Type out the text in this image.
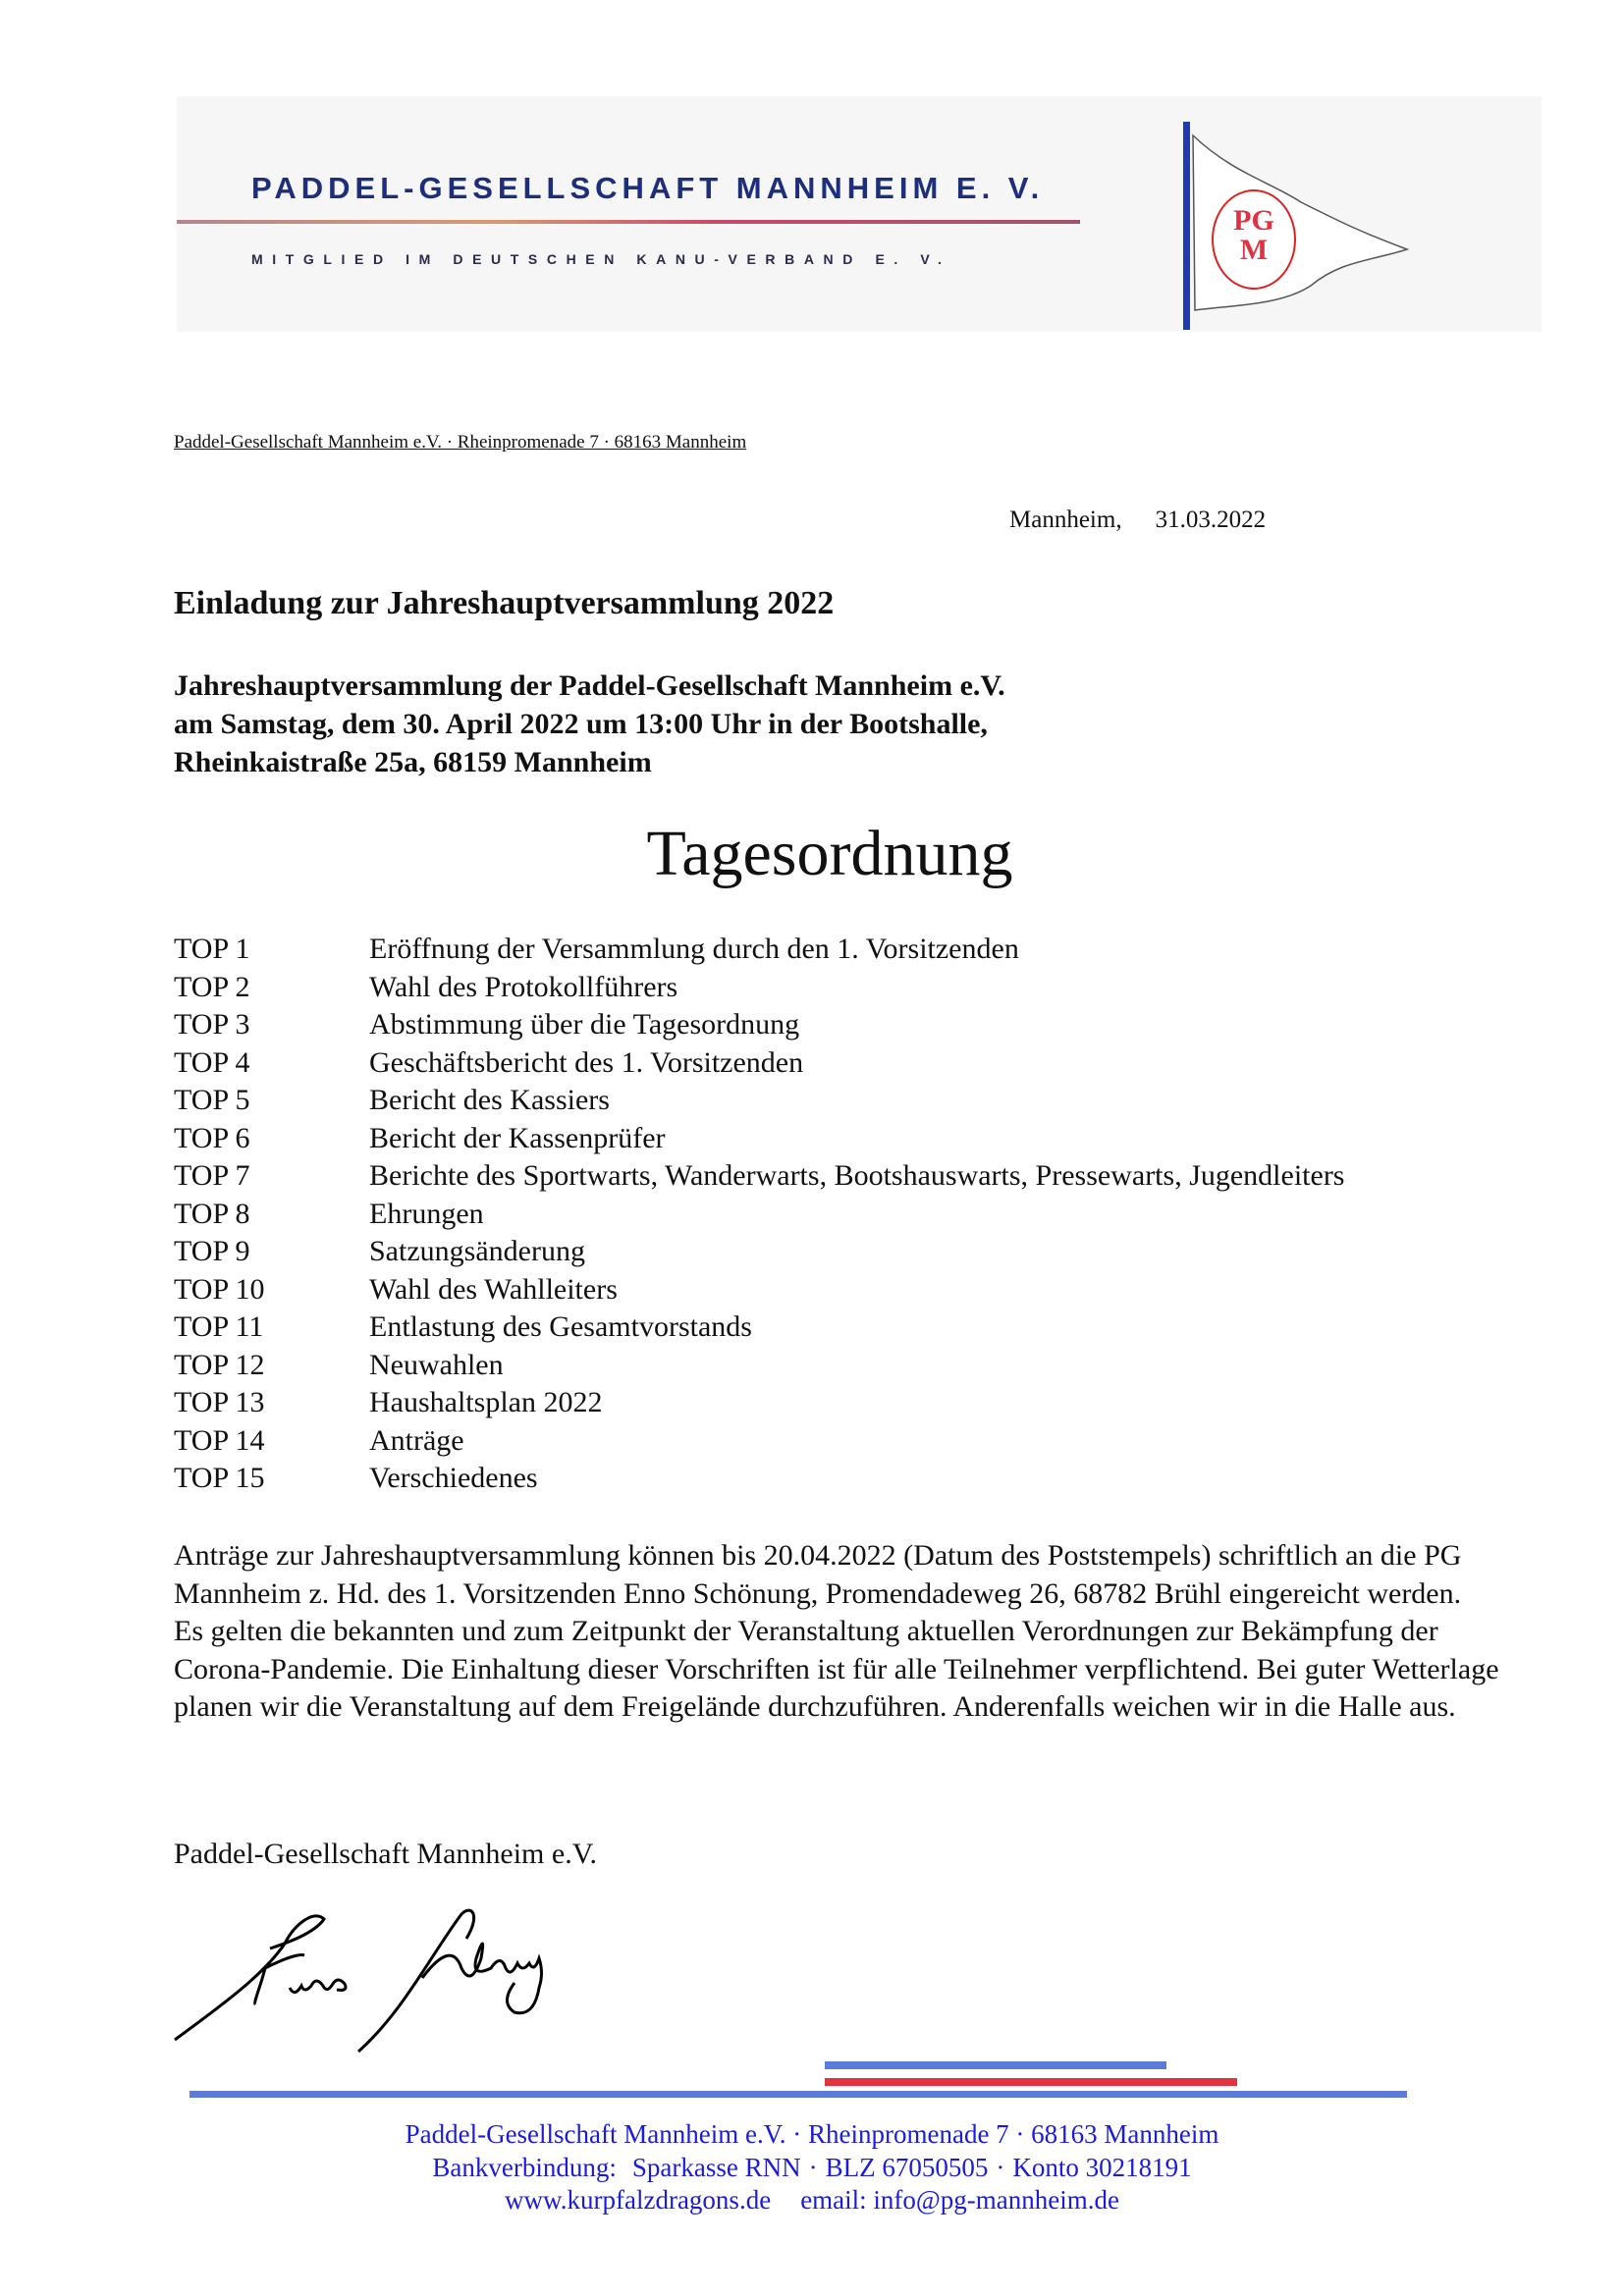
PADDEL-GESELLSCHAFT MANNHEIM E. V.
MITGLIED IM DEUTSCHEN KANU-VERBAND E. V.
PGM
Paddel-Gesellschaft Mannheim e.V. · Rheinpromenade 7 · 68163 Mannheim
Mannheim, 31.03.2022
Einladung zur Jahreshauptversammlung 2022
Jahreshauptversammlung der Paddel-Gesellschaft Mannheim e.V.
am Samstag, dem 30. April 2022 um 13:00 Uhr in der Bootshalle,
Rheinkaistraße 25a, 68159 Mannheim
Tagesordnung
TOP 1	Eröffnung der Versammlung durch den 1. Vorsitzenden
TOP 2	Wahl des Protokollführers
TOP 3	Abstimmung über die Tagesordnung
TOP 4	Geschäftsbericht des 1. Vorsitzenden
TOP 5	Bericht des Kassiers
TOP 6	Bericht der Kassenprüfer
TOP 7	Berichte des Sportwarts, Wanderwarts, Bootshauswarts, Pressewarts, Jugendleiters
TOP 8	Ehrungen
TOP 9	Satzungsänderung
TOP 10	Wahl des Wahlleiters
TOP 11	Entlastung des Gesamtvorstands
TOP 12	Neuwahlen
TOP 13	Haushaltsplan 2022
TOP 14	Anträge
TOP 15	Verschiedenes
Anträge zur Jahreshauptversammlung können bis 20.04.2022 (Datum des Poststempels) schriftlich an die PG Mannheim z. Hd. des 1. Vorsitzenden Enno Schönung, Promendadeweg 26, 68782 Brühl eingereicht werden.
Es gelten die bekannten und zum Zeitpunkt der Veranstaltung aktuellen Verordnungen zur Bekämpfung der Corona-Pandemie. Die Einhaltung dieser Vorschriften ist für alle Teilnehmer verpflichtend. Bei guter Wetterlage planen wir die Veranstaltung auf dem Freigelände durchzuführen. Anderenfalls weichen wir in die Halle aus.
Paddel-Gesellschaft Mannheim e.V.
Paddel-Gesellschaft Mannheim e.V. · Rheinpromenade 7 · 68163 Mannheim
Bankverbindung: Sparkasse RNN · BLZ 67050505 · Konto 30218191
www.kurpfalzdragons.de email: info@pg-mannheim.de
